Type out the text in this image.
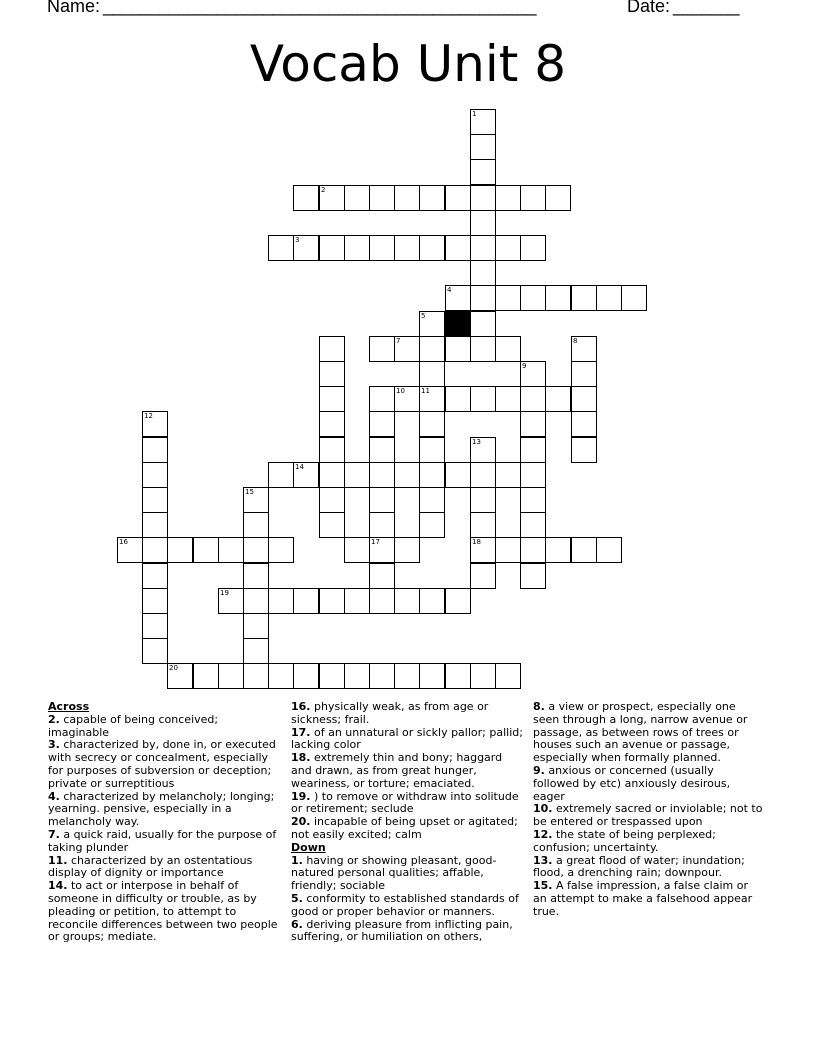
Name: ______________________________________________	Date: _______
Vocab Unit 8
1
2
3
4
5
7	8
9
10 11
12
13
14
15
16	17	18
19
20

Across

2. capable of being conceived; imaginable

3. characterized by, done in, or executed with secrecy or concealment, especially for purposes of subversion or deception; private or surreptitious

4. characterized by melancholy; longing; yearning. pensive, especially in a melancholy way.

7. a quick raid, usually for the purpose of taking plunder

11. characterized by an ostentatious display of dignity or importance

14. to act or interpose in behalf of someone in difficulty or trouble, as by pleading or petition, to attempt to reconcile differences between two people or groups; mediate.

16. physically weak, as from age or sickness; frail.

17. of an unnatural or sickly pallor; pallid; lacking color

18. extremely thin and bony; haggard and drawn, as from great hunger, weariness, or torture; emaciated.

19. ) to remove or withdraw into solitude or retirement; seclude

20. incapable of being upset or agitated; not easily excited; calm

Down

1. having or showing pleasant, good-natured personal qualities; affable, friendly; sociable

5. conformity to established standards of good or proper behavior or manners.

6. deriving pleasure from inflicting pain, suffering, or humiliation on others,

8. a view or prospect, especially one seen through a long, narrow avenue or passage, as between rows of trees or houses such an avenue or passage, especially when formally planned.

9. anxious or concerned (usually followed by etc) anxiously desirous, eager

10. extremely sacred or inviolable; not to be entered or trespassed upon

12. the state of being perplexed; confusion; uncertainty.

13. a great flood of water; inundation; flood, a drenching rain; downpour.

15. A false impression, a false claim or an attempt to make a falsehood appear true.
